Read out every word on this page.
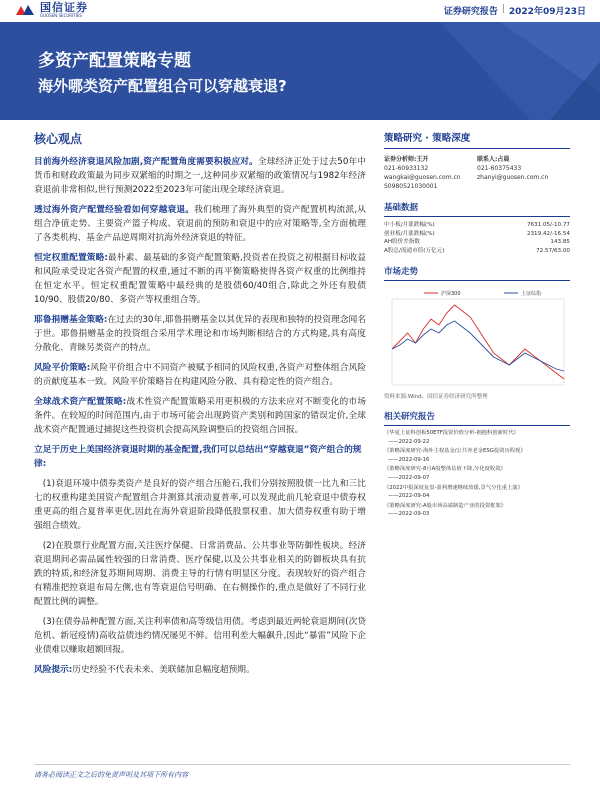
国信证券
GUOSEN SECURITIES	证券研究报告 | 2022年09月23日
多资产配置策略专题
海外哪类资产配置组合可以穿越衰退?
核心观点

目前海外经济衰退风险加剧,资产配置角度需要积极应对。全球经济正处于过去50年中货币和财政政策最为同步双紧缩的时期之一,这种同步双紧缩的政策情况与1982年经济衰退前非常相似,世行预测2022至2023年可能出现全球经济衰退。

透过海外资产配置经验看如何穿越衰退。我们梳理了海外典型的资产配置机构流派,从组合净值走势、主要资产篮子构成、衰退前的预防和衰退中的应对策略等,全方面梳理了各类机构、基金产品逆周期对抗海外经济衰退的特征。

恒定权重配置策略:最朴素、最基础的多资产配置策略,投资者在投资之初根据目标收益和风险承受设定各资产配置的权重,通过不断的再平衡策略使得各资产权重的比例维持在恒定水平。恒定权重配置策略中最经典的是股债60/40组合,除此之外还有股债10/90、股债20/80、多资产等权重组合等。

耶鲁捐赠基金策略:在过去的30年,耶鲁捐赠基金以其优异的表现和独特的投资理念闻名于世。耶鲁捐赠基金的投资组合采用学术理论和市场判断相结合的方式构建,具有高度分散化、青睐另类资产的特点。

风险平价策略:风险平价组合中不同资产被赋予相同的风险权重,各资产对整体组合风险的贡献度基本一致。风险平价策略旨在构建风险分散、具有稳定性的资产组合。

全球战术资产配置策略:战术性资产配置策略采用更积极的方法来应对不断变化的市场条件。在较短的时间范围内,由于市场可能会出现跨资产类别和跨国家的错误定价,全球战术资产配置通过捕捉这些投资机会提高风险调整后的投资组合回报。

立足于历史上美国经济衰退时期的基金配置,我们可以总结出“穿越衰退”资产组合的规律:

(1)衰退环境中债券类资产是良好的资产组合压舱石,我们分别按照股债一比九和三比七的权重构建美国资产配置组合并测算其滚动夏普率,可以发现此前几轮衰退中债券权重更高的组合夏普率更优,因此在海外衰退阶段降低股票权重、加大债券权重有助于增强组合绩效。

(2)在股票行业配置方面,关注医疗保健、日常消费品、公共事业等防御性板块。经济衰退期间必需品属性较强的日常消费、医疗保健,以及公共事业相关的防御板块具有抗跌的特质,和经济复苏期间周期、消费主导的行情有明显区分度。表现较好的资产组合有精准把控衰退布局左侧,也有等衰退信号明确、在右侧操作的,重点是做好了不同行业配置比例的调整。

(3)在债券品种配置方面,关注利率债和高等级信用债。考虑到最近两轮衰退期间(次贷危机、新冠疫情)高收益债违约情况屡见不鲜。信用利差大幅飙升,因此“暴雷”风险下企业债难以赚取超额回报。

风险提示:历史经验不代表未来、美联储加息幅度超预期。

策略研究 · 策略深度
证券分析师:王开
021-60933132
wangkai@guosen.com.cn
S0980521030001
联系人:占晨
021-60375433
zhanyi@guosen.com.cn
基础数据
中小板/月涨跌幅(%)	7631.05/-10.77
创业板/月涨跌幅(%)	2319.42/-16.54
AH股价差指数	143.85
A股总/流通市值(万亿元)	72.57/63.00
市场走势
沪深300	上证综指
资料来源:Wind、国信证券经济研究所整理
相关研究报告
《华夏上证科创板50ETF投资价值分析-拥抱科创新时代》
——2022-09-22
《策略深度研究-海外主权基金/公共养老金ESG投资历程观》
——2022-09-16
《策略深度研究-8月A股整体估值下降,分化度收敛》
——2022-09-07
《2022中报深度复盘-盈利增速继续放缓,景气分化重上演》
——2022-09-04
《策略深度研究-A股市场高端制造产业的投资框架》
——2022-09-03
请务必阅读正文之后的免责声明及其项下所有内容
